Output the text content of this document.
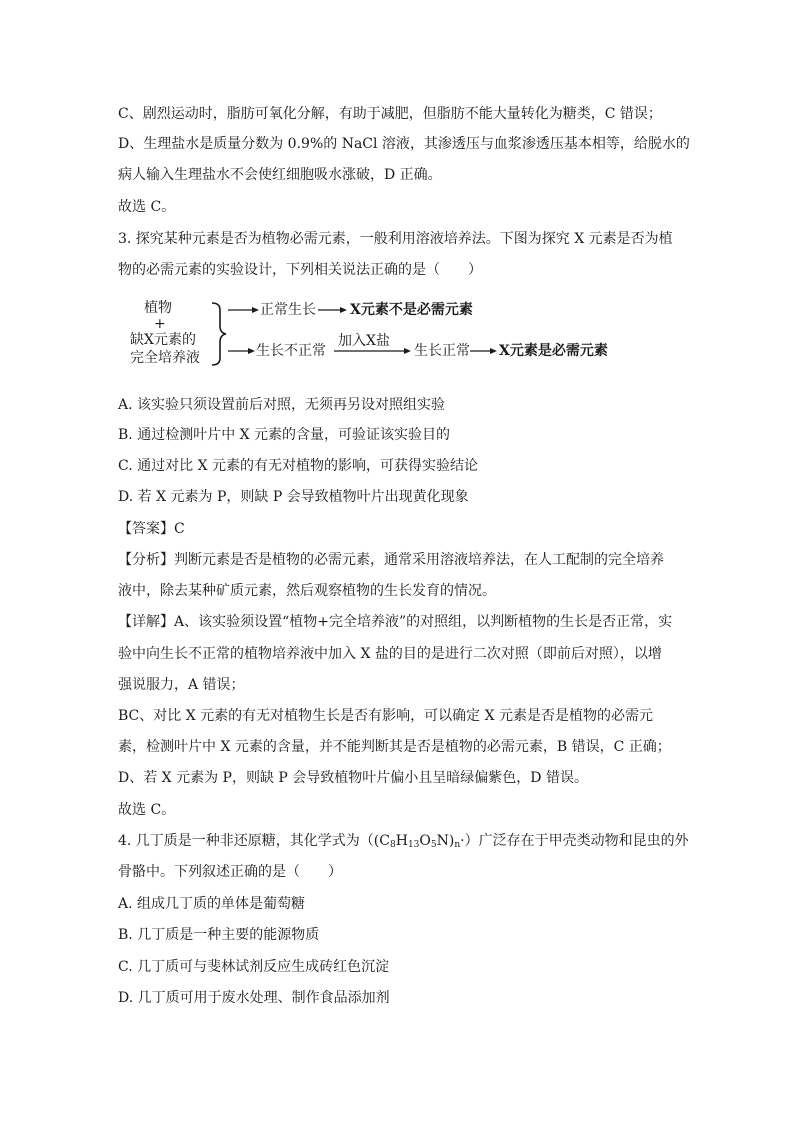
C、剧烈运动时，脂肪可氧化分解，有助于减肥，但脂肪不能大量转化为糖类，C 错误；
D、生理盐水是质量分数为 0.9%的 NaCl 溶液，其渗透压与血浆渗透压基本相等，给脱水的
病人输入生理盐水不会使红细胞吸水涨破，D 正确。
故选 C。
3. 探究某种元素是否为植物必需元素，一般利用溶液培养法。下图为探究 X 元素是否为植
物的必需元素的实验设计，下列相关说法正确的是（　　）
植物
+
缺X元素的
完全培养液
正常生长 X元素不是必需元素
生长不正常
加入X盐
生长正常 X元素是必需元素
A. 该实验只须设置前后对照，无须再另设对照组实验
B. 通过检测叶片中 X 元素的含量，可验证该实验目的
C. 通过对比 X 元素的有无对植物的影响，可获得实验结论
D. 若 X 元素为 P，则缺 P 会导致植物叶片出现黄化现象
【答案】C
【分析】判断元素是否是植物的必需元素，通常采用溶液培养法，在人工配制的完全培养
液中，除去某种矿质元素，然后观察植物的生长发育的情况。
【详解】A、该实验须设置“植物+完全培养液”的对照组，以判断植物的生长是否正常，实
验中向生长不正常的植物培养液中加入 X 盐的目的是进行二次对照（即前后对照），以增
强说服力，A 错误；
BC、对比 X 元素的有无对植物生长是否有影响，可以确定 X 元素是否是植物的必需元
素，检测叶片中 X 元素的含量，并不能判断其是否是植物的必需元素，B 错误，C 正确；
D、若 X 元素为 P，则缺 P 会导致植物叶片偏小且呈暗绿偏紫色，D 错误。
故选 C。
4. 几丁质是一种非还原糖，其化学式为$((C_8H_{13}O_5N)_n\cdot)$广泛存在于甲壳类动物和昆虫的外
骨骼中。下列叙述正确的是（　　）
A. 组成几丁质的单体是葡萄糖
B. 几丁质是一种主要的能源物质
C. 几丁质可与斐林试剂反应生成砖红色沉淀
D. 几丁质可用于废水处理、制作食品添加剂
